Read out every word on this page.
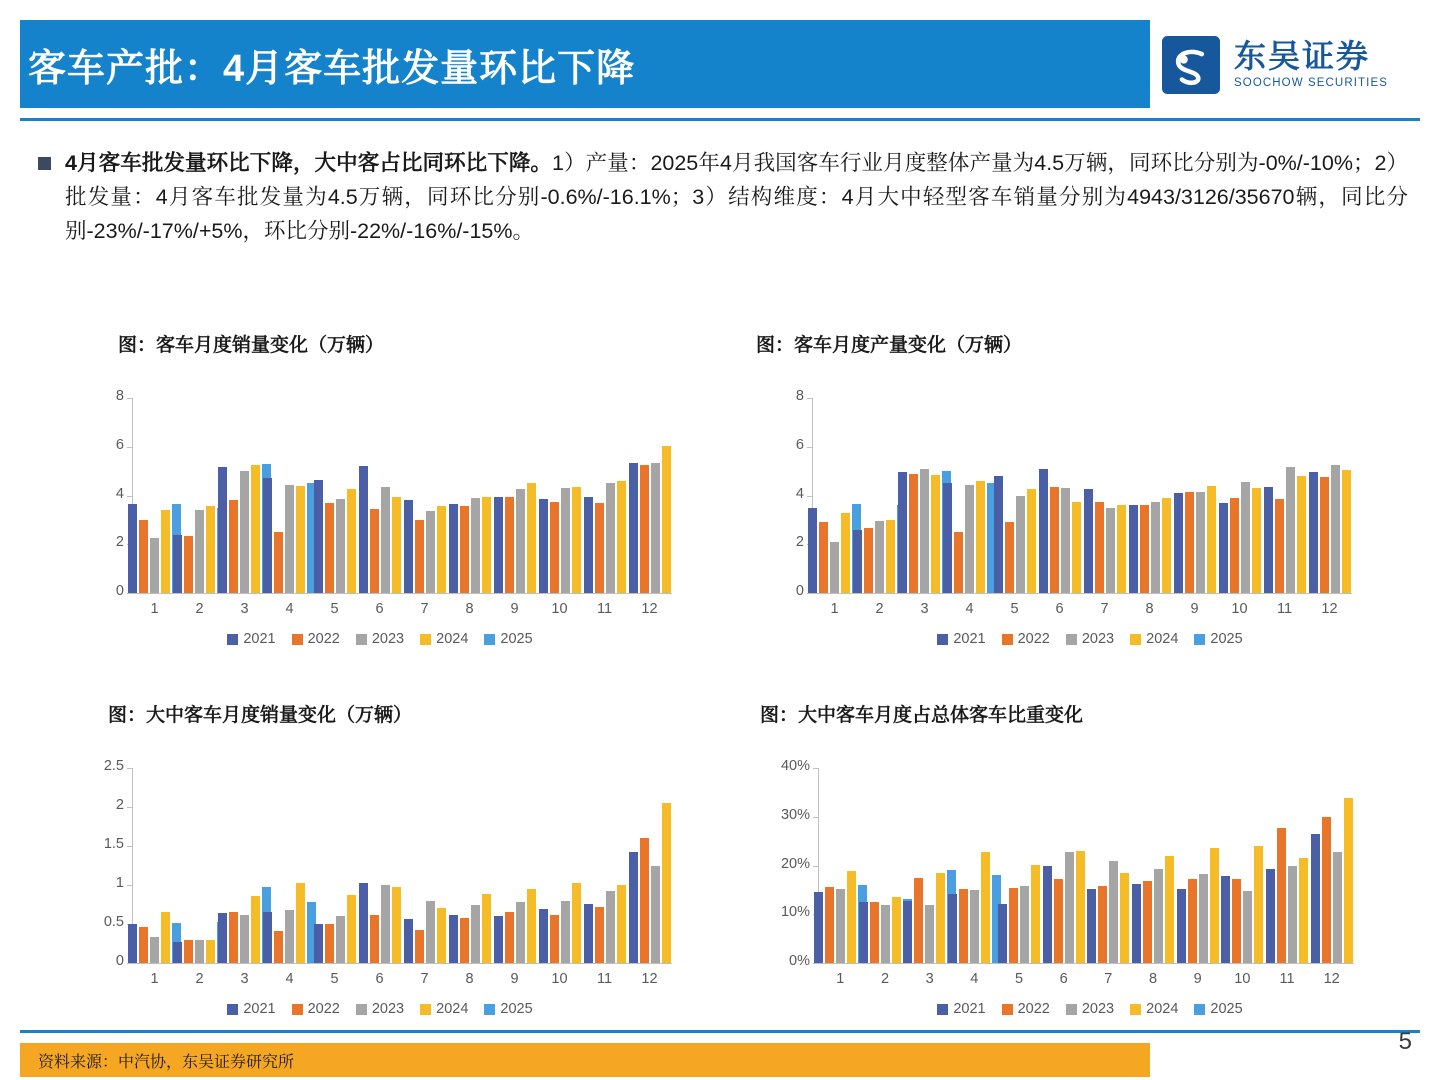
客车产批：4月客车批发量环比下降	东吴证券
SOOCHOW SECURITIES
4月客车批发量环比下降，大中客占比同环比下降。1）产量：2025年4月我国客车行业月度整体产量为4.5万辆，同环比分别为-0%/-10%；2）批发量：4月客车批发量为4.5万辆，同环比分别-0.6%/-16.1%；3）结构维度：4月大中轻型客车销量分别为4943/3126/35670辆，同比分别-23%/-17%/+5%，环比分别-22%/-16%/-15%。
图：客车月度销量变化（万辆）
0
2
4
6
8
1	2	3	4	5	6	7	8	9	10	11	12
2021 2022 2023 2024 2025
图：客车月度产量变化（万辆）
0
2
4
6
8
1	2	3	4	5	6	7	8	9	10	11	12
2021 2022 2023 2024 2025
图：大中客车月度销量变化（万辆）
0
0.5
1
1.5
2
2.5
1	2	3	4	5	6	7	8	9	10	11	12
2021 2022 2023 2024 2025
图：大中客车月度占总体客车比重变化
0%
10%
20%
30%
40%
1	2	3	4	5	6	7	8	9	10	11	12
2021 2022 2023 2024 2025
资料来源：中汽协，东吴证券研究所
5
